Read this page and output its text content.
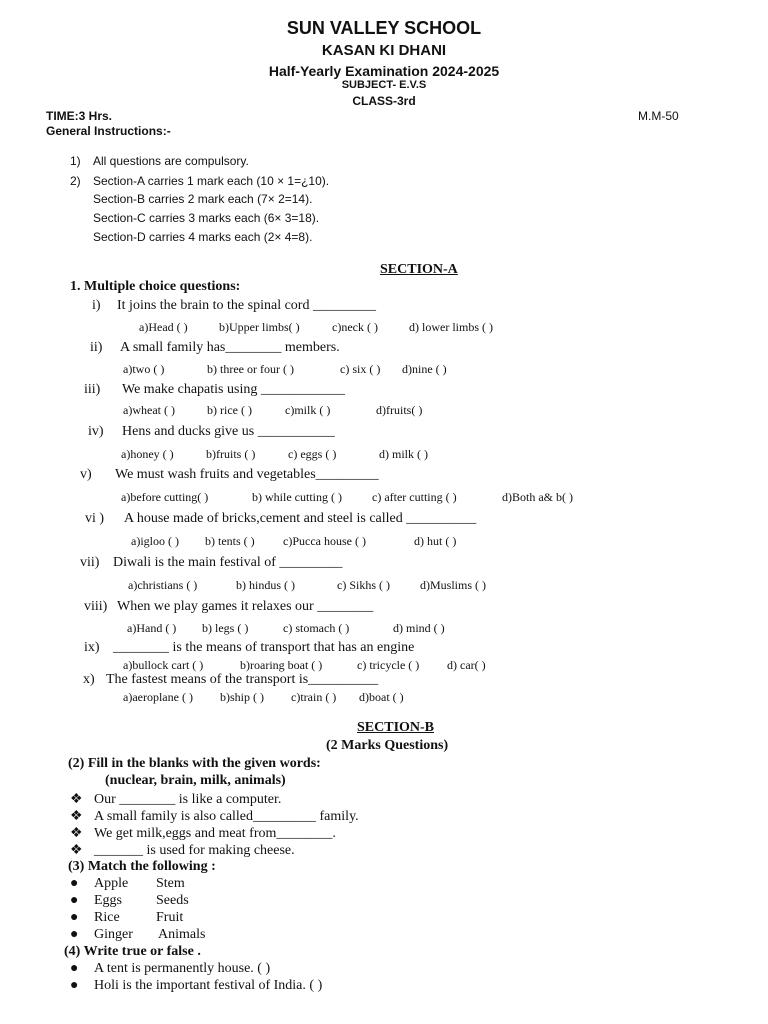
SUN VALLEY SCHOOL
KASAN KI DHANI
Half-Yearly Examination 2024-2025
SUBJECT- E.V.S
CLASS-3rd
TIME:3 Hrs.	M.M-50
General Instructions:-
1) All questions are compulsory.
2) Section-A carries 1 mark each (10 × 1=¿10).
Section-B carries 2 mark each (7× 2=14).
Section-C carries 3 marks each (6× 3=18).
Section-D carries 4 marks each (2× 4=8).
SECTION-A
1. Multiple choice questions:
i) It joins the brain to the spinal cord _________
a)Head ( )	b)Upper limbs( )	c)neck ( )	d) lower limbs ( )
ii) A small family has________ members.
a)two ( )	b) three or four ( )	c) six ( ) d)nine ( )
iii) We make chapatis using ____________
a)wheat ( )	b) rice ( )	c)milk ( )	d)fruits( )
iv) Hens and ducks give us ___________
a)honey ( )	b)fruits ( )	c) eggs ( )	d) milk ( )
v) We must wash fruits and vegetables_________
a)before cutting( )	b) while cutting ( )	c) after cutting ( )	d)Both a& b( )
vi ) A house made of bricks,cement and steel is called __________
a)igloo ( ) b) tents ( ) c)Pucca house ( )	d) hut ( )
vii) Diwali is the main festival of _________
a)christians ( )	b) hindus ( )	c) Sikhs ( )	d)Muslims ( )
viii) When we play games it relaxes our ________
a)Hand ( ) b) legs ( )	c) stomach ( )	d) mind ( )
ix) ________ is the means of transport that has an engine
a)bullock cart ( )	b)roaring boat ( )	c) tricycle ( ) d) car( )
x) The fastest means of the transport is__________
a)aeroplane ( ) b)ship ( ) c)train ( ) d)boat ( )
SECTION-B
(2 Marks Questions)
(2) Fill in the blanks with the given words:
(nuclear, brain, milk, animals)
❖ Our ________ is like a computer.
❖ A small family is also called_________ family.
❖ We get milk,eggs and meat from________.
❖ _______ is used for making cheese.
(3) Match the following :
● Apple Stem
● Eggs Seeds
● Rice	Fruit
● Ginger Animals
(4) Write true or false .
● A tent is permanently house. ( )
● Holi is the important festival of India. ( )
